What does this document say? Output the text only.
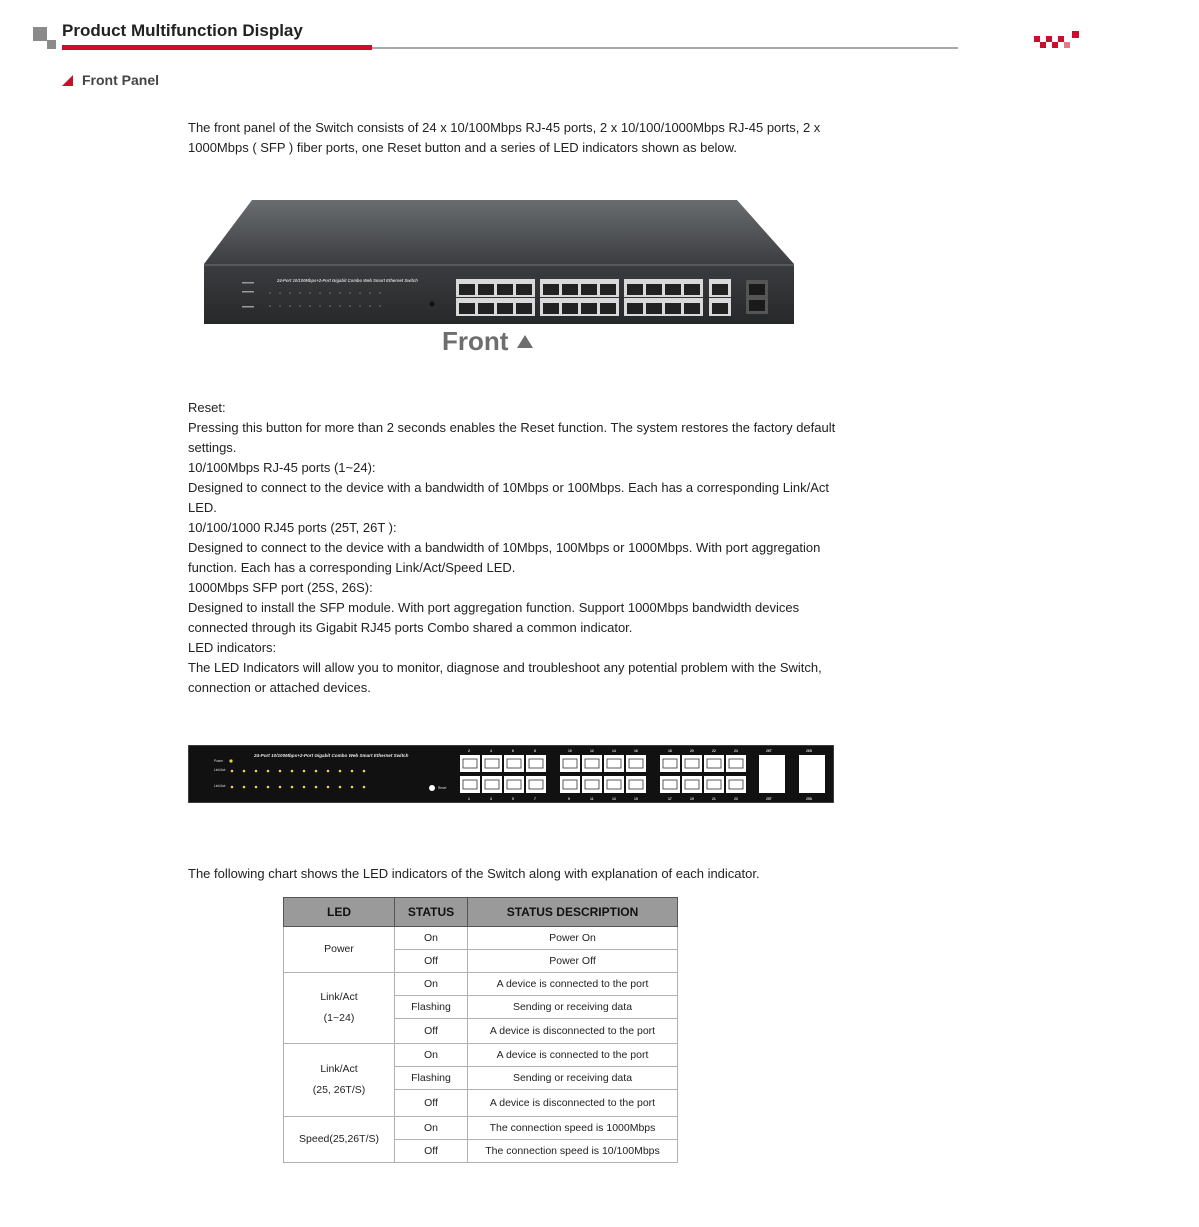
Product Multifunction Display
Front Panel
The front panel of the Switch consists of 24 x 10/100Mbps RJ-45 ports, 2 x 10/100/1000Mbps RJ-45 ports, 2 x 1000Mbps ( SFP ) fiber ports, one Reset button and a series of LED indicators shown as below.
24-Port 10/100Mbps+2-Port Gigabit Combo Web Smart Ethernet Switch
Front
Reset:
Pressing this button for more than 2 seconds enables the Reset function. The system restores the factory default settings.
10/100Mbps RJ-45 ports (1~24):
Designed to connect to the device with a bandwidth of 10Mbps or 100Mbps. Each has a corresponding Link/Act LED.
10/100/1000 RJ45 ports (25T, 26T ):
Designed to connect to the device with a bandwidth of 10Mbps, 100Mbps or 1000Mbps. With port aggregation function. Each has a corresponding Link/Act/Speed LED.
1000Mbps SFP port (25S, 26S):
Designed to install the SFP module. With port aggregation function. Support 1000Mbps bandwidth devices connected through its Gigabit RJ45 ports Combo shared a common indicator.
LED indicators:
The LED Indicators will allow you to monitor, diagnose and troubleshoot any potential problem with the Switch, connection or attached devices.
24-Port 10/100Mbps+2-Port Gigabit Combo Web Smart Ethernet Switch
Power
Link/Act
Link/Act	Reset
2
1
4
3
6
5
8
7
10
9
12
11
14
13
16
15
18
17
20
19
22
21
24
23
26T
25T
26S
25S
The following chart shows the LED indicators of the Switch along with explanation of each indicator.
LED	STATUS	STATUS DESCRIPTION

Power	On	Power On
	Off	Power Off

Link/Act
(1~24)	On	A device is connected to the port
	Flashing	Sending or receiving data
	Off	A device is disconnected to the port

Link/Act
(25, 26T/S)	On	A device is connected to the port
	Flashing	Sending or receiving data
	Off	A device is disconnected to the port

Speed(25,26T/S)	On	The connection speed is 1000Mbps
	Off	The connection speed is 10/100Mbps
